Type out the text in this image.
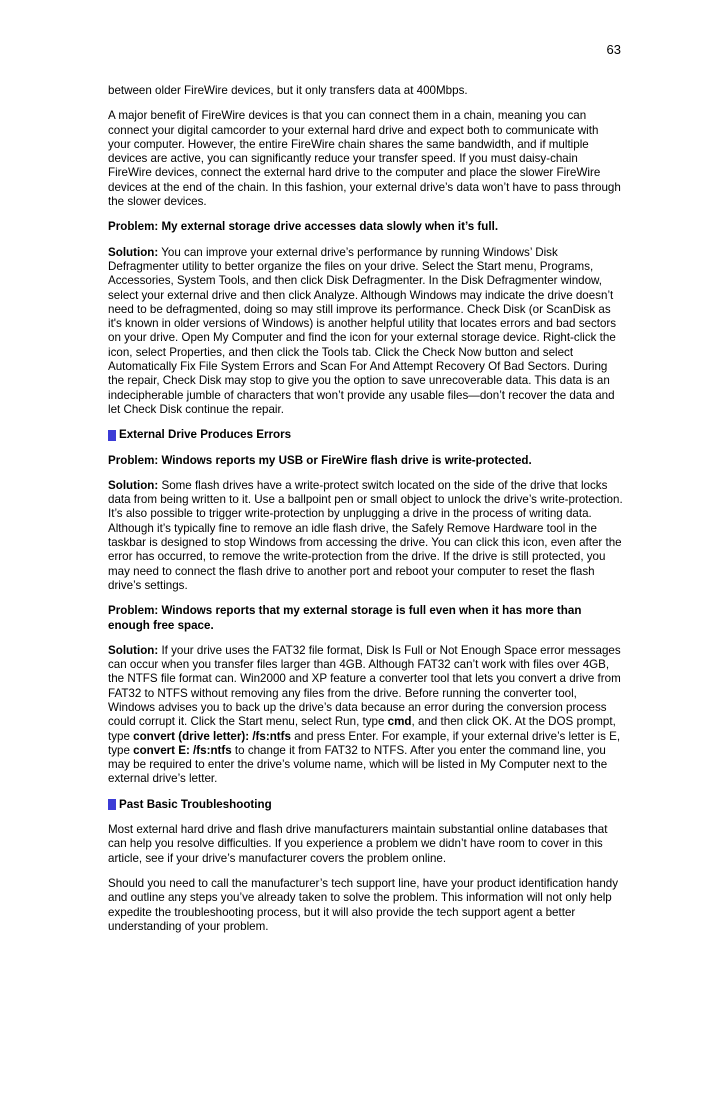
63

between older FireWire devices, but it only transfers data at 400Mbps.

A major benefit of FireWire devices is that you can connect them in a chain, meaning you can connect your digital camcorder to your external hard drive and expect both to communicate with your computer. However, the entire FireWire chain shares the same bandwidth, and if multiple devices are active, you can significantly reduce your transfer speed. If you must daisy-chain FireWire devices, connect the external hard drive to the computer and place the slower FireWire devices at the end of the chain. In this fashion, your external drive’s data won’t have to pass through the slower devices.

Problem: My external storage drive accesses data slowly when it’s full.

Solution: You can improve your external drive’s performance by running Windows’ Disk Defragmenter utility to better organize the files on your drive. Select the Start menu, Programs, Accessories, System Tools, and then click Disk Defragmenter. In the Disk Defragmenter window, select your external drive and then click Analyze. Although Windows may indicate the drive doesn’t need to be defragmented, doing so may still improve its performance. Check Disk (or ScanDisk as it's known in older versions of Windows) is another helpful utility that locates errors and bad sectors on your drive. Open My Computer and find the icon for your external storage device. Right-click the icon, select Properties, and then click the Tools tab. Click the Check Now button and select Automatically Fix File System Errors and Scan For And Attempt Recovery Of Bad Sectors. During the repair, Check Disk may stop to give you the option to save unrecoverable data. This data is an indecipherable jumble of characters that won’t provide any usable files—don’t recover the data and let Check Disk continue the repair.

External Drive Produces Errors

Problem: Windows reports my USB or FireWire flash drive is write-protected.

Solution: Some flash drives have a write-protect switch located on the side of the drive that locks data from being written to it. Use a ballpoint pen or small object to unlock the drive’s write-protection. It’s also possible to trigger write-protection by unplugging a drive in the process of writing data. Although it’s typically fine to remove an idle flash drive, the Safely Remove Hardware tool in the taskbar is designed to stop Windows from accessing the drive. You can click this icon, even after the error has occurred, to remove the write-protection from the drive. If the drive is still protected, you may need to connect the flash drive to another port and reboot your computer to reset the flash drive’s settings.

Problem: Windows reports that my external storage is full even when it has more than enough free space.

Solution: If your drive uses the FAT32 file format, Disk Is Full or Not Enough Space error messages can occur when you transfer files larger than 4GB. Although FAT32 can’t work with files over 4GB, the NTFS file format can. Win2000 and XP feature a converter tool that lets you convert a drive from FAT32 to NTFS without removing any files from the drive. Before running the converter tool, Windows advises you to back up the drive’s data because an error during the conversion process could corrupt it. Click the Start menu, select Run, type cmd, and then click OK. At the DOS prompt, type convert (drive letter): /fs:ntfs and press Enter. For example, if your external drive’s letter is E, type convert E: /fs:ntfs to change it from FAT32 to NTFS. After you enter the command line, you may be required to enter the drive’s volume name, which will be listed in My Computer next to the external drive’s letter.

Past Basic Troubleshooting

Most external hard drive and flash drive manufacturers maintain substantial online databases that can help you resolve difficulties. If you experience a problem we didn’t have room to cover in this article, see if your drive’s manufacturer covers the problem online.

Should you need to call the manufacturer’s tech support line, have your product identification handy and outline any steps you’ve already taken to solve the problem. This information will not only help expedite the troubleshooting process, but it will also provide the tech support agent a better understanding of your problem.
